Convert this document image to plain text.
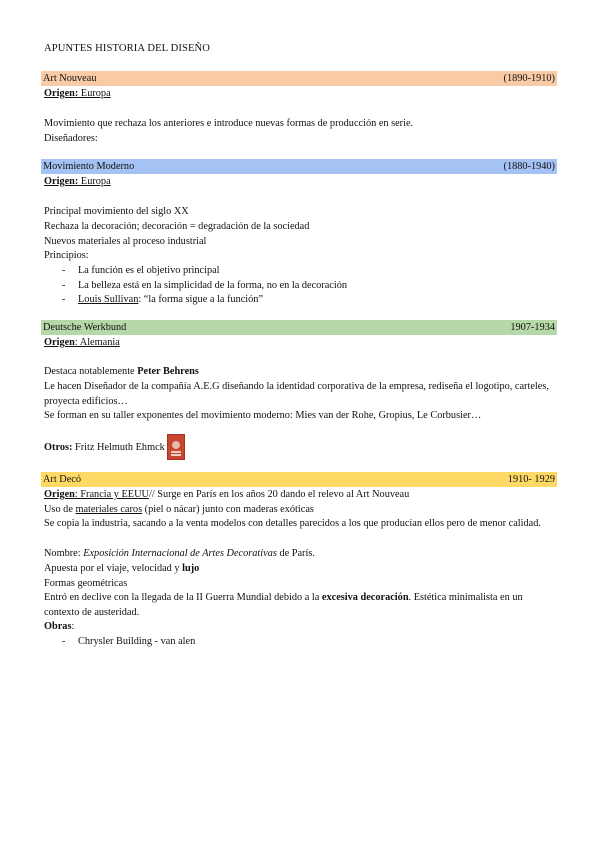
APUNTES HISTORIA DEL DISEÑO
Art Nouveau	(1890-1910)
Origen: Europa
Movimiento que rechaza los anteriores e introduce nuevas formas de producción en serie.
Diseñadores:
Movimiento Moderno	(1880-1940)
Origen: Europa
Principal movimiento del siglo XX
Rechaza la decoración; decoración = degradación de la sociedad
Nuevos materiales al proceso industrial
Principios:
- La función es el objetivo principal
- La belleza está en la simplicidad de la forma, no en la decoración
- Louis Sullivan: “la forma sigue a la función”
Deutsche Werkbund	1907-1934
Origen: Alemania
Destaca notablemente Peter Behrens
Le hacen Diseñador de la compañía A.E.G diseñando la identidad corporativa de la empresa, rediseña el logotipo, carteles, proyecta edificios…
Se forman en su taller exponentes del movimiento moderno: Mies van der Rohe, Gropius, Le Corbusier…
Otros: Fritz Helmuth Ehmck
Art Decó	1910- 1929
Origen: Francia y EEUU// Surge en París en los años 20 dando el relevo al Art Nouveau
Uso de materiales caros (piel o nácar) junto con maderas exóticas
Se copia la industria, sacando a la venta modelos con detalles parecidos a los que producían ellos pero de menor calidad.
Nombre: Exposición Internacional de Artes Decorativas de París.
Apuesta por el viaje, velocidad y lujo
Formas geométricas
Entró en declive con la llegada de la II Guerra Mundial debido a la excesiva decoración. Estética minimalista en un contexto de austeridad.
Obras:
- Chrysler Building - van alen
